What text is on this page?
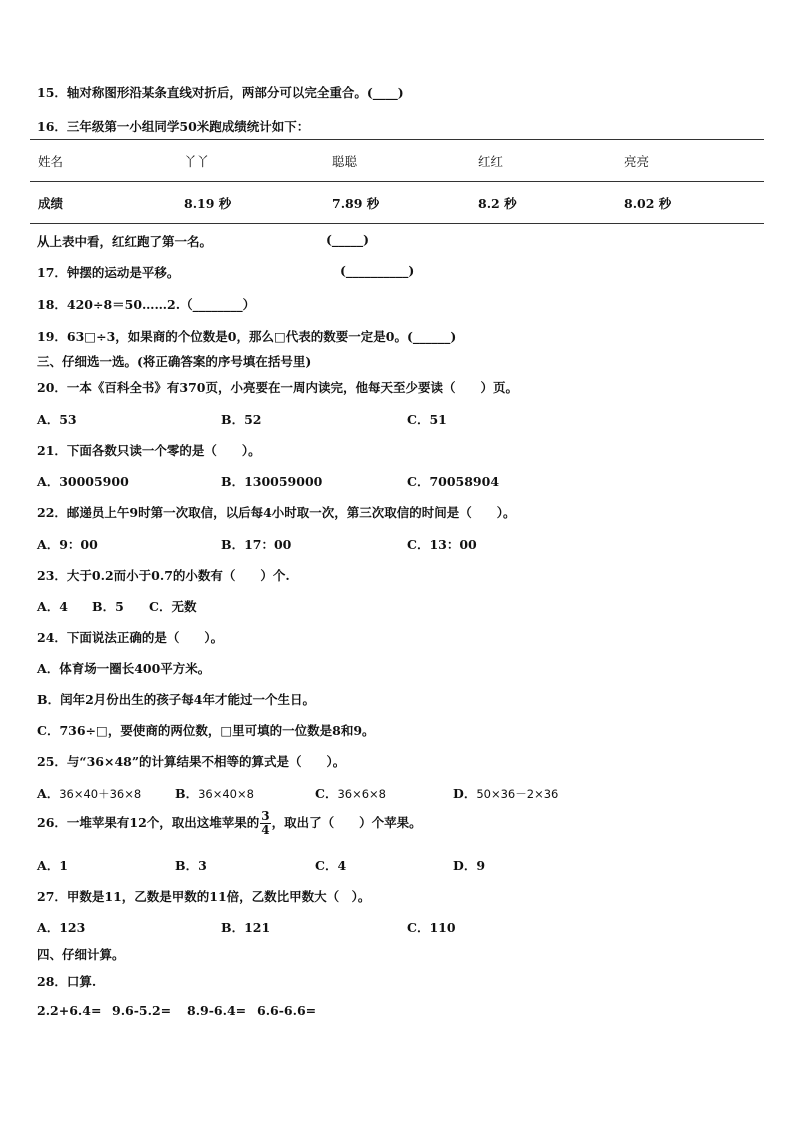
15．轴对称图形沿某条直线对折后，两部分可以完全重合。(____)
16．三年级第一小组同学50米跑成绩统计如下：
姓名	丫丫	聪聪	红红	亮亮
成绩	8.19 秒	7.89 秒	8.2 秒	8.02 秒
从上表中看，红红跑了第一名。	(_____)
17．钟摆的运动是平移。	(__________)
18．420÷8＝50……2.（________）
19．63□÷3，如果商的个位数是0，那么□代表的数要一定是0。(______)
三、仔细选一选。(将正确答案的序号填在括号里)
20．一本《百科全书》有370页，小亮要在一周内读完，他每天至少要读（　　）页。
A．53	B．52	C．51
21．下面各数只读一个零的是（　　）。
A．30005900	B．130059000	C．70058904
22．邮递员上午9时第一次取信，以后每4小时取一次，第三次取信的时间是（　　）。
A．9：00	B．17：00	C．13：00
23．大于0.2而小于0.7的小数有（　　）个.
A．4 B．5 C．无数
24．下面说法正确的是（　　）。
A．体育场一圈长400平方米。
B．闰年2月份出生的孩子每4年才能过一个生日。
C．736÷□，要使商的两位数，□里可填的一位数是8和9。
25．与“36×48”的计算结果不相等的算式是（　　）。
A．36×40＋36×8	B．36×40×8	C．36×6×8	D．50×36－2×36
26．一堆苹果有12个，取出这堆苹果的 $\frac{3}{4}$ ，取出了（　　）个苹果。
A．1	B．3	C．4	D．9
27．甲数是11，乙数是甲数的11倍，乙数比甲数大（　）。
A．123	B．121	C．110
四、仔细计算。
28．口算.
2.2+6.4= 9.6-5.2= 8.9-6.4= 6.6-6.6=
